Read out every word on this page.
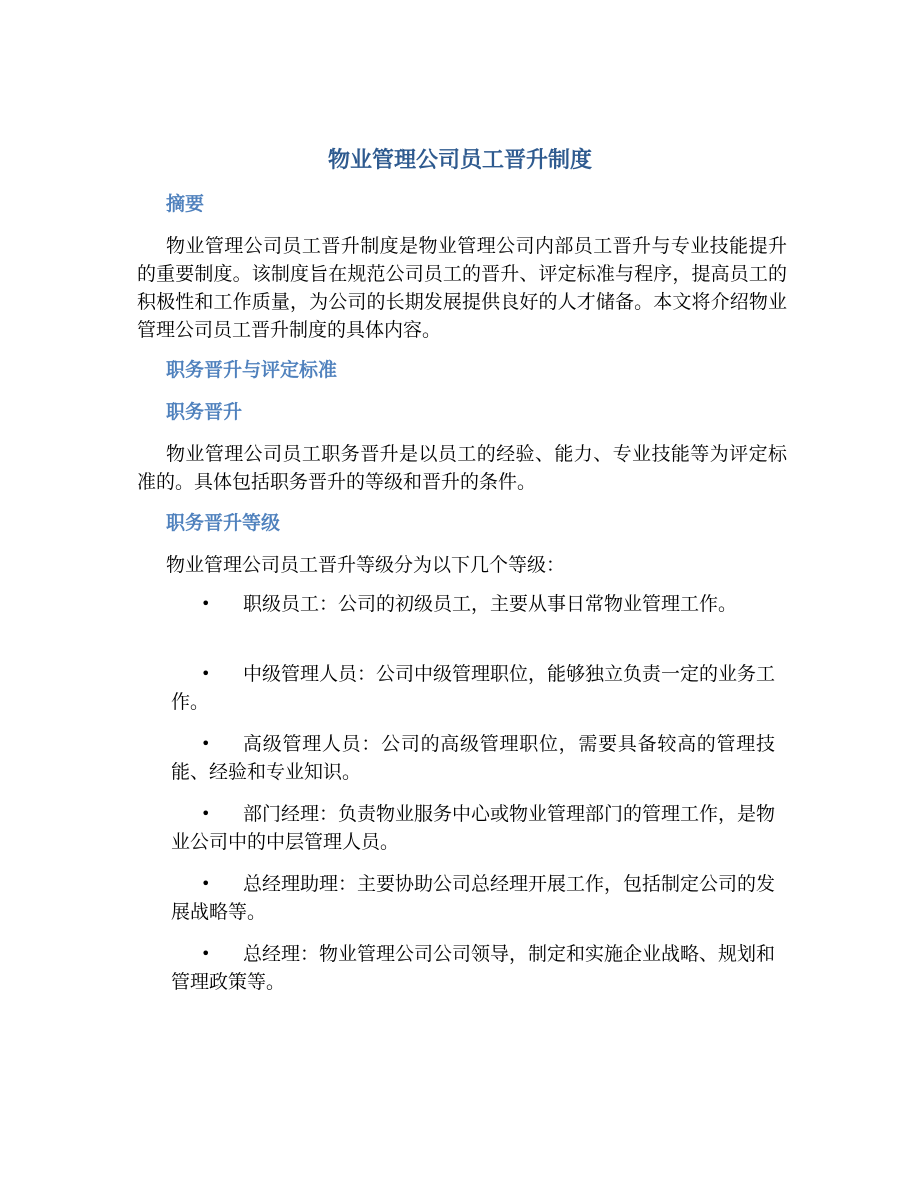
物业管理公司员工晋升制度
摘要

物业管理公司员工晋升制度是物业管理公司内部员工晋升与专业技能提升的重要制度。该制度旨在规范公司员工的晋升、评定标准与程序，提高员工的积极性和工作质量，为公司的长期发展提供良好的人才储备。本文将介绍物业管理公司员工晋升制度的具体内容。

职务晋升与评定标准
职务晋升

物业管理公司员工职务晋升是以员工的经验、能力、专业技能等为评定标准的。具体包括职务晋升的等级和晋升的条件。

职务晋升等级

物业管理公司员工晋升等级分为以下几个等级：

• 职级员工：公司的初级员工，主要从事日常物业管理工作。
• 中级管理人员：公司中级管理职位，能够独立负责一定的业务工作。
• 高级管理人员：公司的高级管理职位，需要具备较高的管理技能、经验和专业知识。
• 部门经理：负责物业服务中心或物业管理部门的管理工作，是物业公司中的中层管理人员。
• 总经理助理：主要协助公司总经理开展工作，包括制定公司的发展战略等。
• 总经理：物业管理公司公司领导，制定和实施企业战略、规划和管理政策等。
